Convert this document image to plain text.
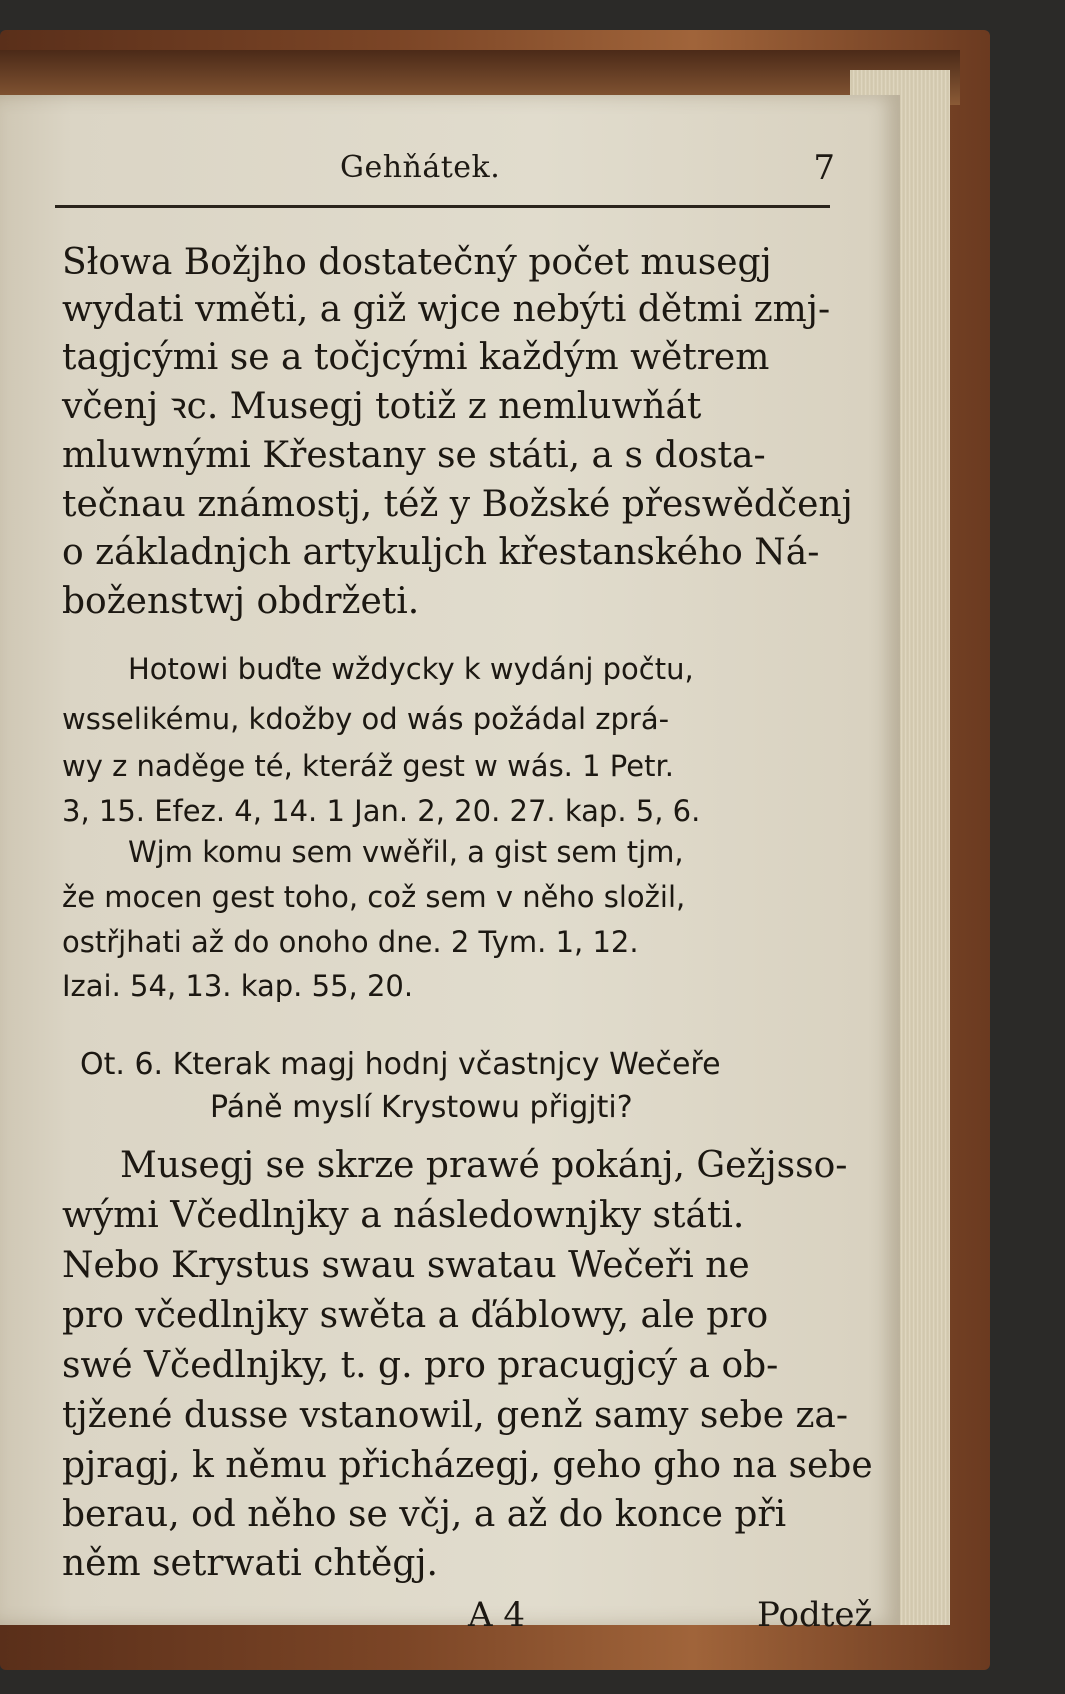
Gehňátek.	7
Słowa Božjho dostatečný počet musegj
wydati vměti, a giž wjce nebýti dětmi zmj-
tagjcými se a točjcými každým wětrem
včenj ꝛc. Musegj totiž z nemluwňát
mluwnými Křestany se státi, a s dosta-
tečnau známostj, též y Božské přeswědčenj
o základnjch artykuljch křestanského Ná-
boženstwj obdržeti.
Hotowi buďte wždycky k wydánj počtu,
wsselikému, kdožby od wás požádal zprá-
wy z naděge té, kteráž gest w wás. 1 Petr.
3, 15. Efez. 4, 14. 1 Jan. 2, 20. 27. kap. 5, 6.
Wjm komu sem vwěřil, a gist sem tjm,
že mocen gest toho, což sem v něho složil,
ostřjhati až do onoho dne. 2 Tym. 1, 12.
Izai. 54, 13. kap. 55, 20.
Ot. 6. Kterak magj hodnj včastnjcy Wečeře
Páně myslí Krystowu přigjti?
Musegj se skrze prawé pokánj, Gežjsso-
wými Včedlnjky a následownjky státi.
Nebo Krystus swau swatau Wečeři ne
pro včedlnjky swěta a ďáblowy, ale pro
swé Včedlnjky, t. g. pro pracugjcý a ob-
tjžené dusse vstanowil, genž samy sebe za-
pjragj, k němu přicházegj, geho gho na sebe
berau, od něho se včj, a až do konce při
něm setrwati chtěgj.
A 4	Podtež
